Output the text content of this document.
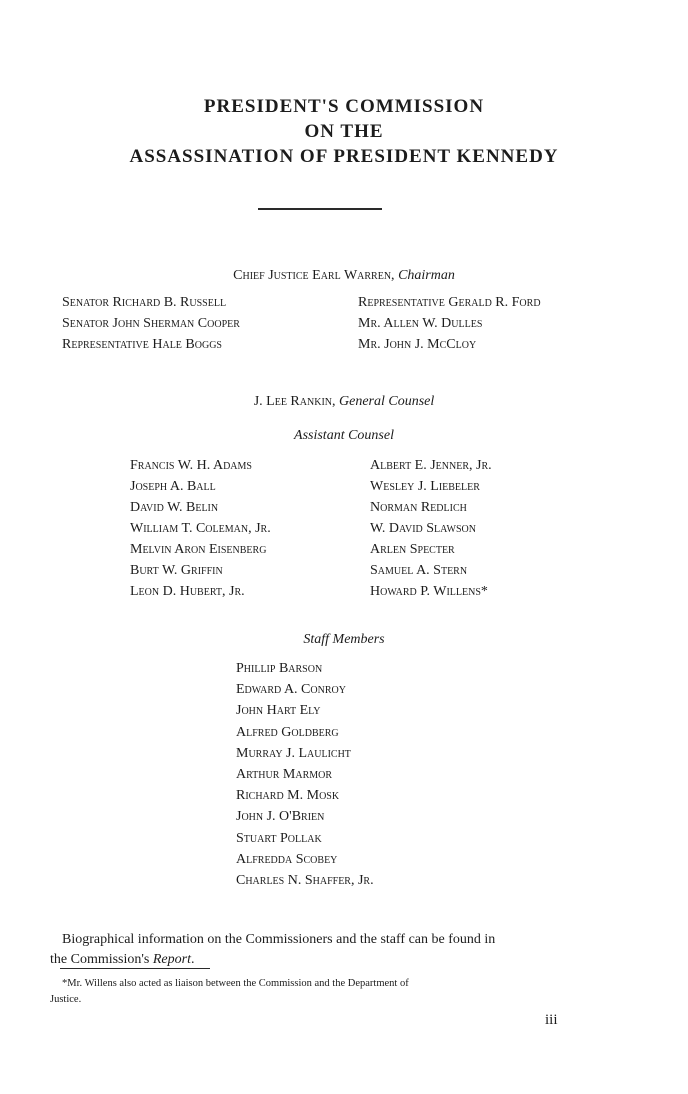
PRESIDENT'S COMMISSION
ON THE
ASSASSINATION OF PRESIDENT KENNEDY
Chief Justice Earl Warren, Chairman
Senator Richard B. Russell
Senator John Sherman Cooper
Representative Hale Boggs
Representative Gerald R. Ford
Mr. Allen W. Dulles
Mr. John J. McCloy
J. Lee Rankin, General Counsel
Assistant Counsel
Francis W. H. Adams
Joseph A. Ball
David W. Belin
William T. Coleman, Jr.
Melvin Aron Eisenberg
Burt W. Griffin
Leon D. Hubert, Jr.
Albert E. Jenner, Jr.
Wesley J. Liebeler
Norman Redlich
W. David Slawson
Arlen Specter
Samuel A. Stern
Howard P. Willens*
Staff Members
Phillip Barson
Edward A. Conroy
John Hart Ely
Alfred Goldberg
Murray J. Laulicht
Arthur Marmor
Richard M. Mosk
John J. O'Brien
Stuart Pollak
Alfredda Scobey
Charles N. Shaffer, Jr.
Biographical information on the Commissioners and the staff can be found in
the Commission's Report.
*Mr. Willens also acted as liaison between the Commission and the Department of
Justice.
iii
